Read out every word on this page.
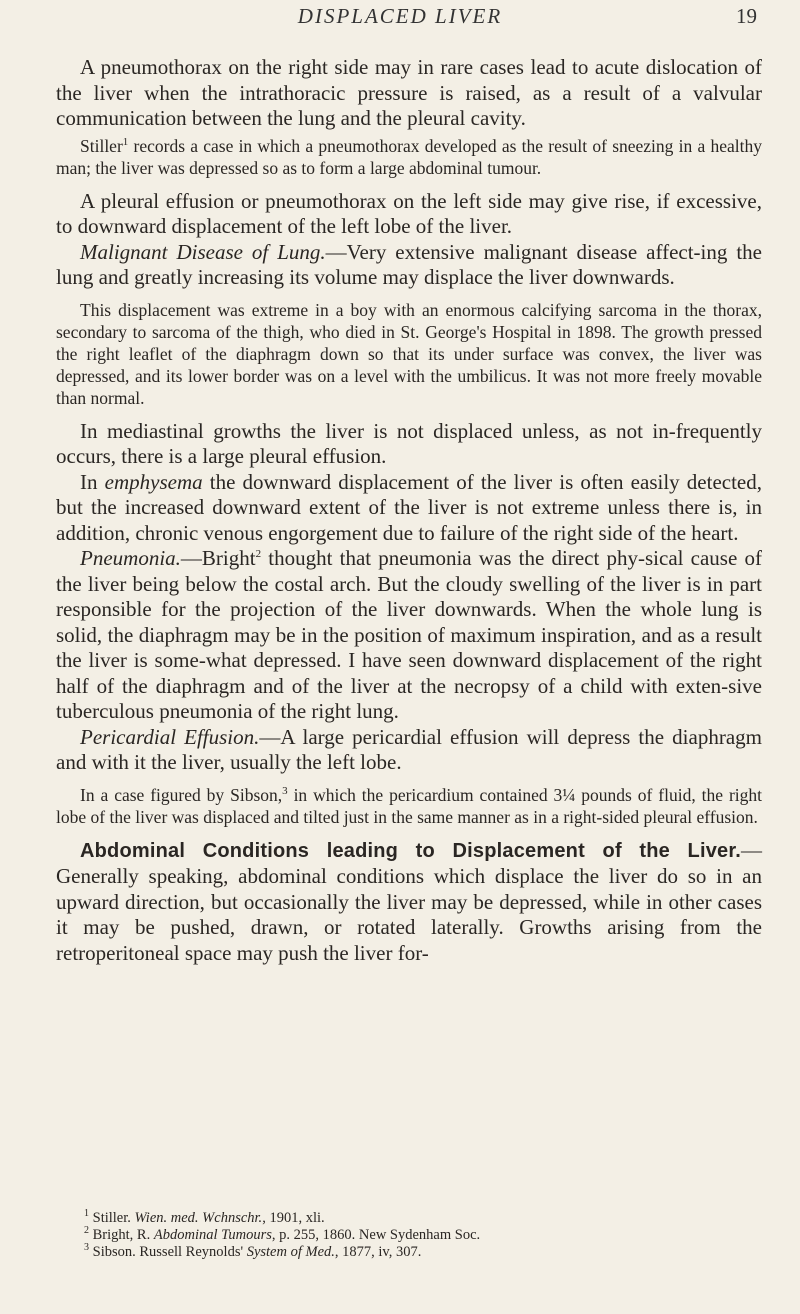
DISPLACED LIVER	19

A pneumothorax on the right side may in rare cases lead to acute dislocation of the liver when the intrathoracic pressure is raised, as a result of a valvular communication between the lung and the pleural cavity.

Stiller$^1$ records a case in which a pneumothorax developed as the result of sneezing in a healthy man; the liver was depressed so as to form a large abdominal tumour.

A pleural effusion or pneumothorax on the left side may give rise, if excessive, to downward displacement of the left lobe of the liver.

Malignant Disease of Lung.—Very extensive malignant disease affect-ing the lung and greatly increasing its volume may displace the liver downwards.

This displacement was extreme in a boy with an enormous calcifying sarcoma in the thorax, secondary to sarcoma of the thigh, who died in St. George's Hospital in 1898. The growth pressed the right leaflet of the diaphragm down so that its under surface was convex, the liver was depressed, and its lower border was on a level with the umbilicus. It was not more freely movable than normal.

In mediastinal growths the liver is not displaced unless, as not in-frequently occurs, there is a large pleural effusion.

In emphysema the downward displacement of the liver is often easily detected, but the increased downward extent of the liver is not extreme unless there is, in addition, chronic venous engorgement due to failure of the right side of the heart.

Pneumonia.—Bright$^2$ thought that pneumonia was the direct phy-sical cause of the liver being below the costal arch. But the cloudy swelling of the liver is in part responsible for the projection of the liver downwards. When the whole lung is solid, the diaphragm may be in the position of maximum inspiration, and as a result the liver is some-what depressed. I have seen downward displacement of the right half of the diaphragm and of the liver at the necropsy of a child with exten-sive tuberculous pneumonia of the right lung.

Pericardial Effusion.—A large pericardial effusion will depress the diaphragm and with it the liver, usually the left lobe.

In a case figured by Sibson,$^3$ in which the pericardium contained 3¼ pounds of fluid, the right lobe of the liver was displaced and tilted just in the same manner as in a right-sided pleural effusion.

Abdominal Conditions leading to Displacement of the Liver.— Generally speaking, abdominal conditions which displace the liver do so in an upward direction, but occasionally the liver may be depressed, while in other cases it may be pushed, drawn, or rotated laterally. Growths arising from the retroperitoneal space may push the liver for-

$^1$ Stiller. Wien. med. Wchnschr., 1901, xli.
$^2$ Bright, R. Abdominal Tumours, p. 255, 1860. New Sydenham Soc.
$^3$ Sibson. Russell Reynolds' System of Med., 1877, iv, 307.
